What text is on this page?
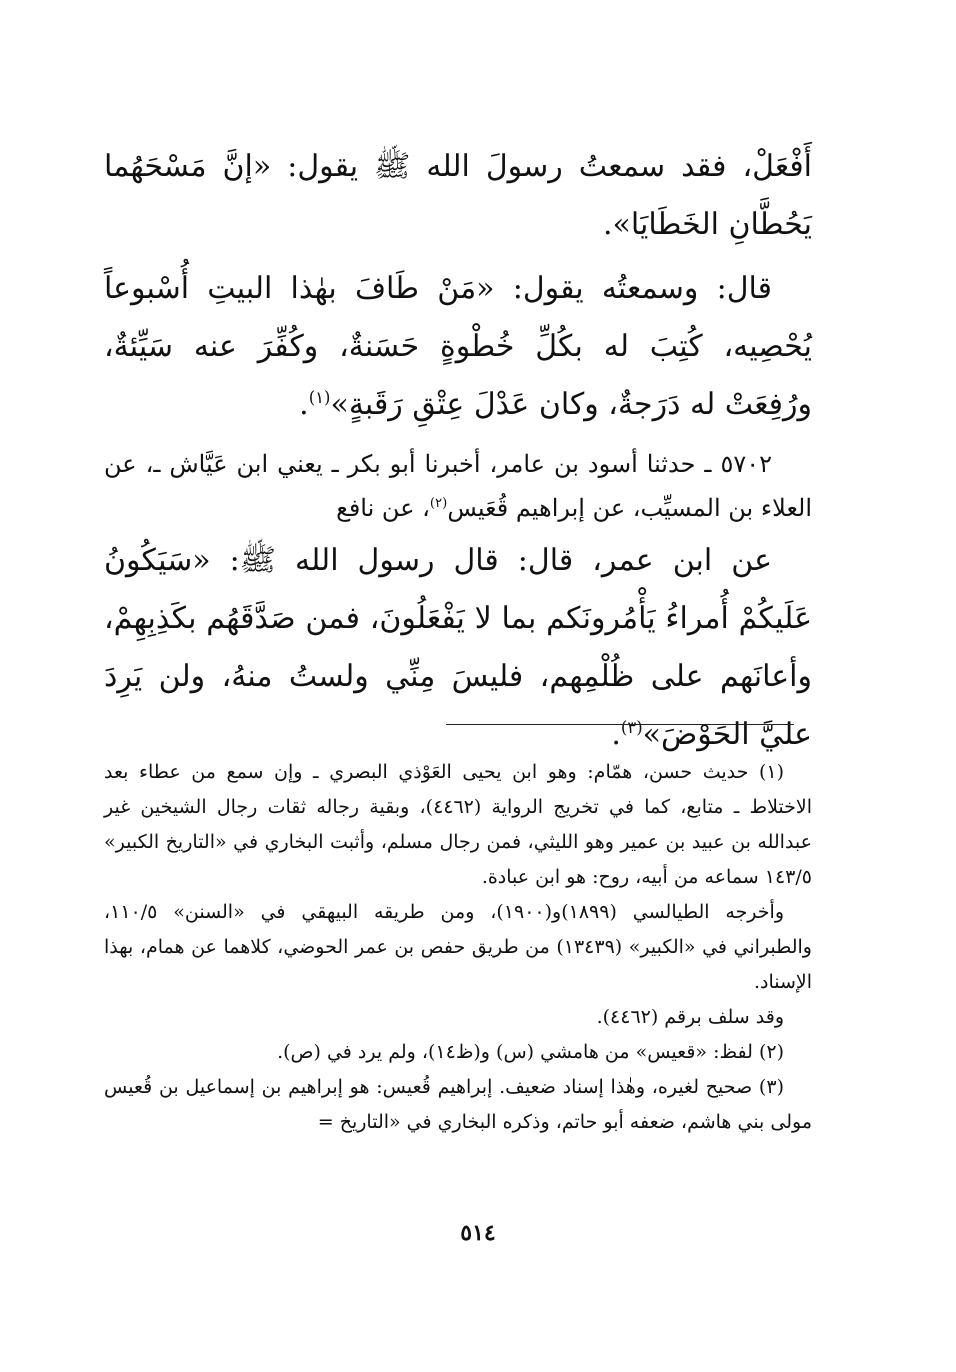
أَفْعَلْ، فقد سمعتُ رسولَ الله ﷺ يقول: «إنَّ مَسْحَهُما يَحُطَّانِ الخَطَايَا».

قال: وسمعتُه يقول: «مَنْ طَافَ بهٰذا البيتِ أُسْبوعاً يُحْصِيه، كُتِبَ له بكُلِّ خُطْوةٍ حَسَنةٌ، وكُفِّرَ عنه سَيِّئةٌ، ورُفِعَتْ له دَرَجةٌ، وكان عَدْلَ عِتْقِ رَقَبةٍ»$^{(١)}$.

٥٧٠٢ ـ حدثنا أسود بن عامر، أخبرنا أبو بكر ـ يعني ابن عَيَّاش ـ، عن العلاء بن المسيِّب، عن إبراهيم قُعَيس$^{(٢)}$، عن نافع

عن ابن عمر، قال: قال رسول الله ﷺ: «سَيَكُونُ عَلَيكُمْ أُمراءُ يَأْمُرونَكم بما لا يَفْعَلُونَ، فمن صَدَّقَهُم بكَذِبِهِمْ، وأعانَهم على ظُلْمِهم، فليسَ مِنِّي ولستُ منهُ، ولن يَرِدَ عليَّ الحَوْضَ»$^{(٣)}$.

(١) حديث حسن، همّام: وهو ابن يحيى العَوْذي البصري ـ وإن سمع من عطاء بعد الاختلاط ـ متابع، كما في تخريج الرواية (٤٤٦٢)، وبقية رجاله ثقات رجال الشيخين غير عبدالله بن عبيد بن عمير وهو الليثي، فمن رجال مسلم، وأثبت البخاري في «التاريخ الكبير» ١٤٣/٥ سماعه من أبيه، روح: هو ابن عبادة.

وأخرجه الطيالسي (١٨٩٩)و(١٩٠٠)، ومن طريقه البيهقي في «السنن» ١١٠/٥، والطبراني في «الكبير» (١٣٤٣٩) من طريق حفص بن عمر الحوضي، كلاهما عن همام، بهذا الإسناد.

وقد سلف برقم (٤٤٦٢).

(٢) لفظ: «قعيس» من هامشي (س) و(ظ١٤)، ولم يرد في (ص).

(٣) صحيح لغيره، وهٰذا إسناد ضعيف. إبراهيم قُعيس: هو إبراهيم بن إسماعيل بن قُعيس مولى بني هاشم، ضعفه أبو حاتم، وذكره البخاري في «التاريخ =

٥١٤
